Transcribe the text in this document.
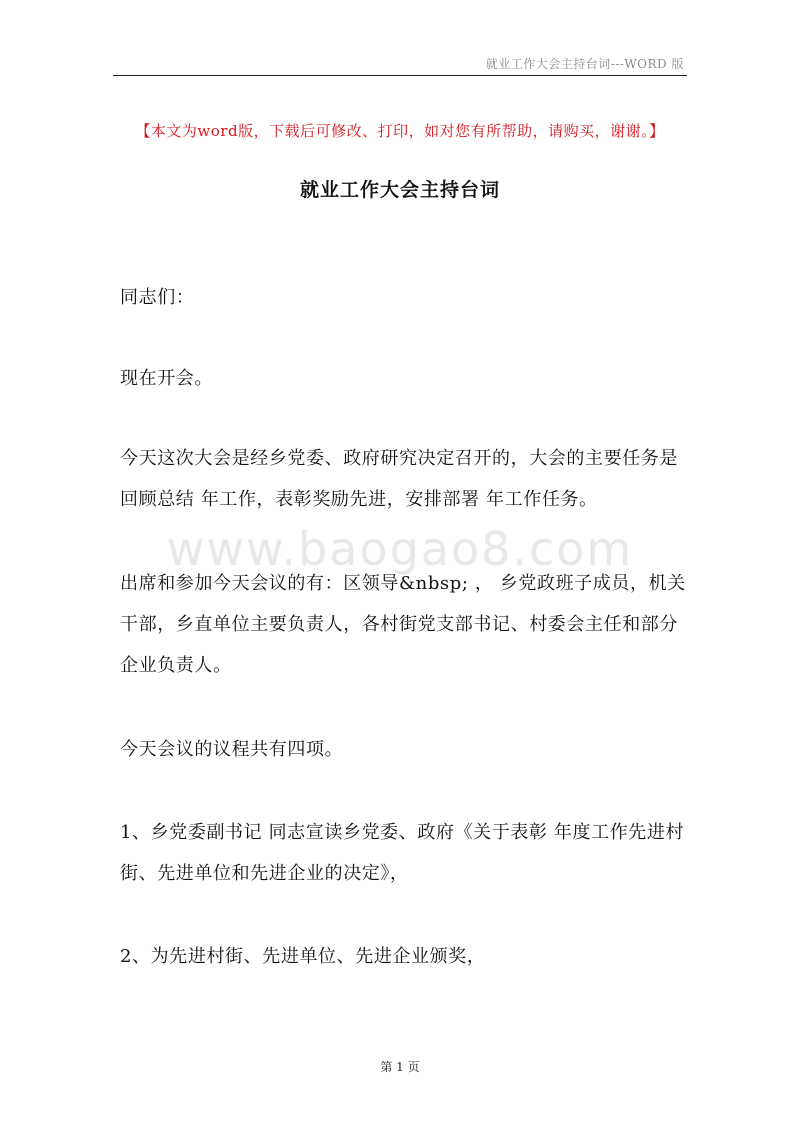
就业工作大会主持台词---WORD 版
【本文为word版，下载后可修改、打印，如对您有所帮助，请购买，谢谢。】
就业工作大会主持台词
www.baogao8.com

同志们：

现在开会。

今天这次大会是经乡党委、政府研究决定召开的，大会的主要任务是回顾总结 年工作，表彰奖励先进，安排部署 年工作任务。

出席和参加今天会议的有：区领导&nbsp; ， 乡党政班子成员，机关干部，乡直单位主要负责人，各村街党支部书记、村委会主任和部分企业负责人。

今天会议的议程共有四项。

1、乡党委副书记 同志宣读乡党委、政府《关于表彰 年度工作先进村街、先进单位和先进企业的决定》，

2、为先进村街、先进单位、先进企业颁奖，

第 1 页
